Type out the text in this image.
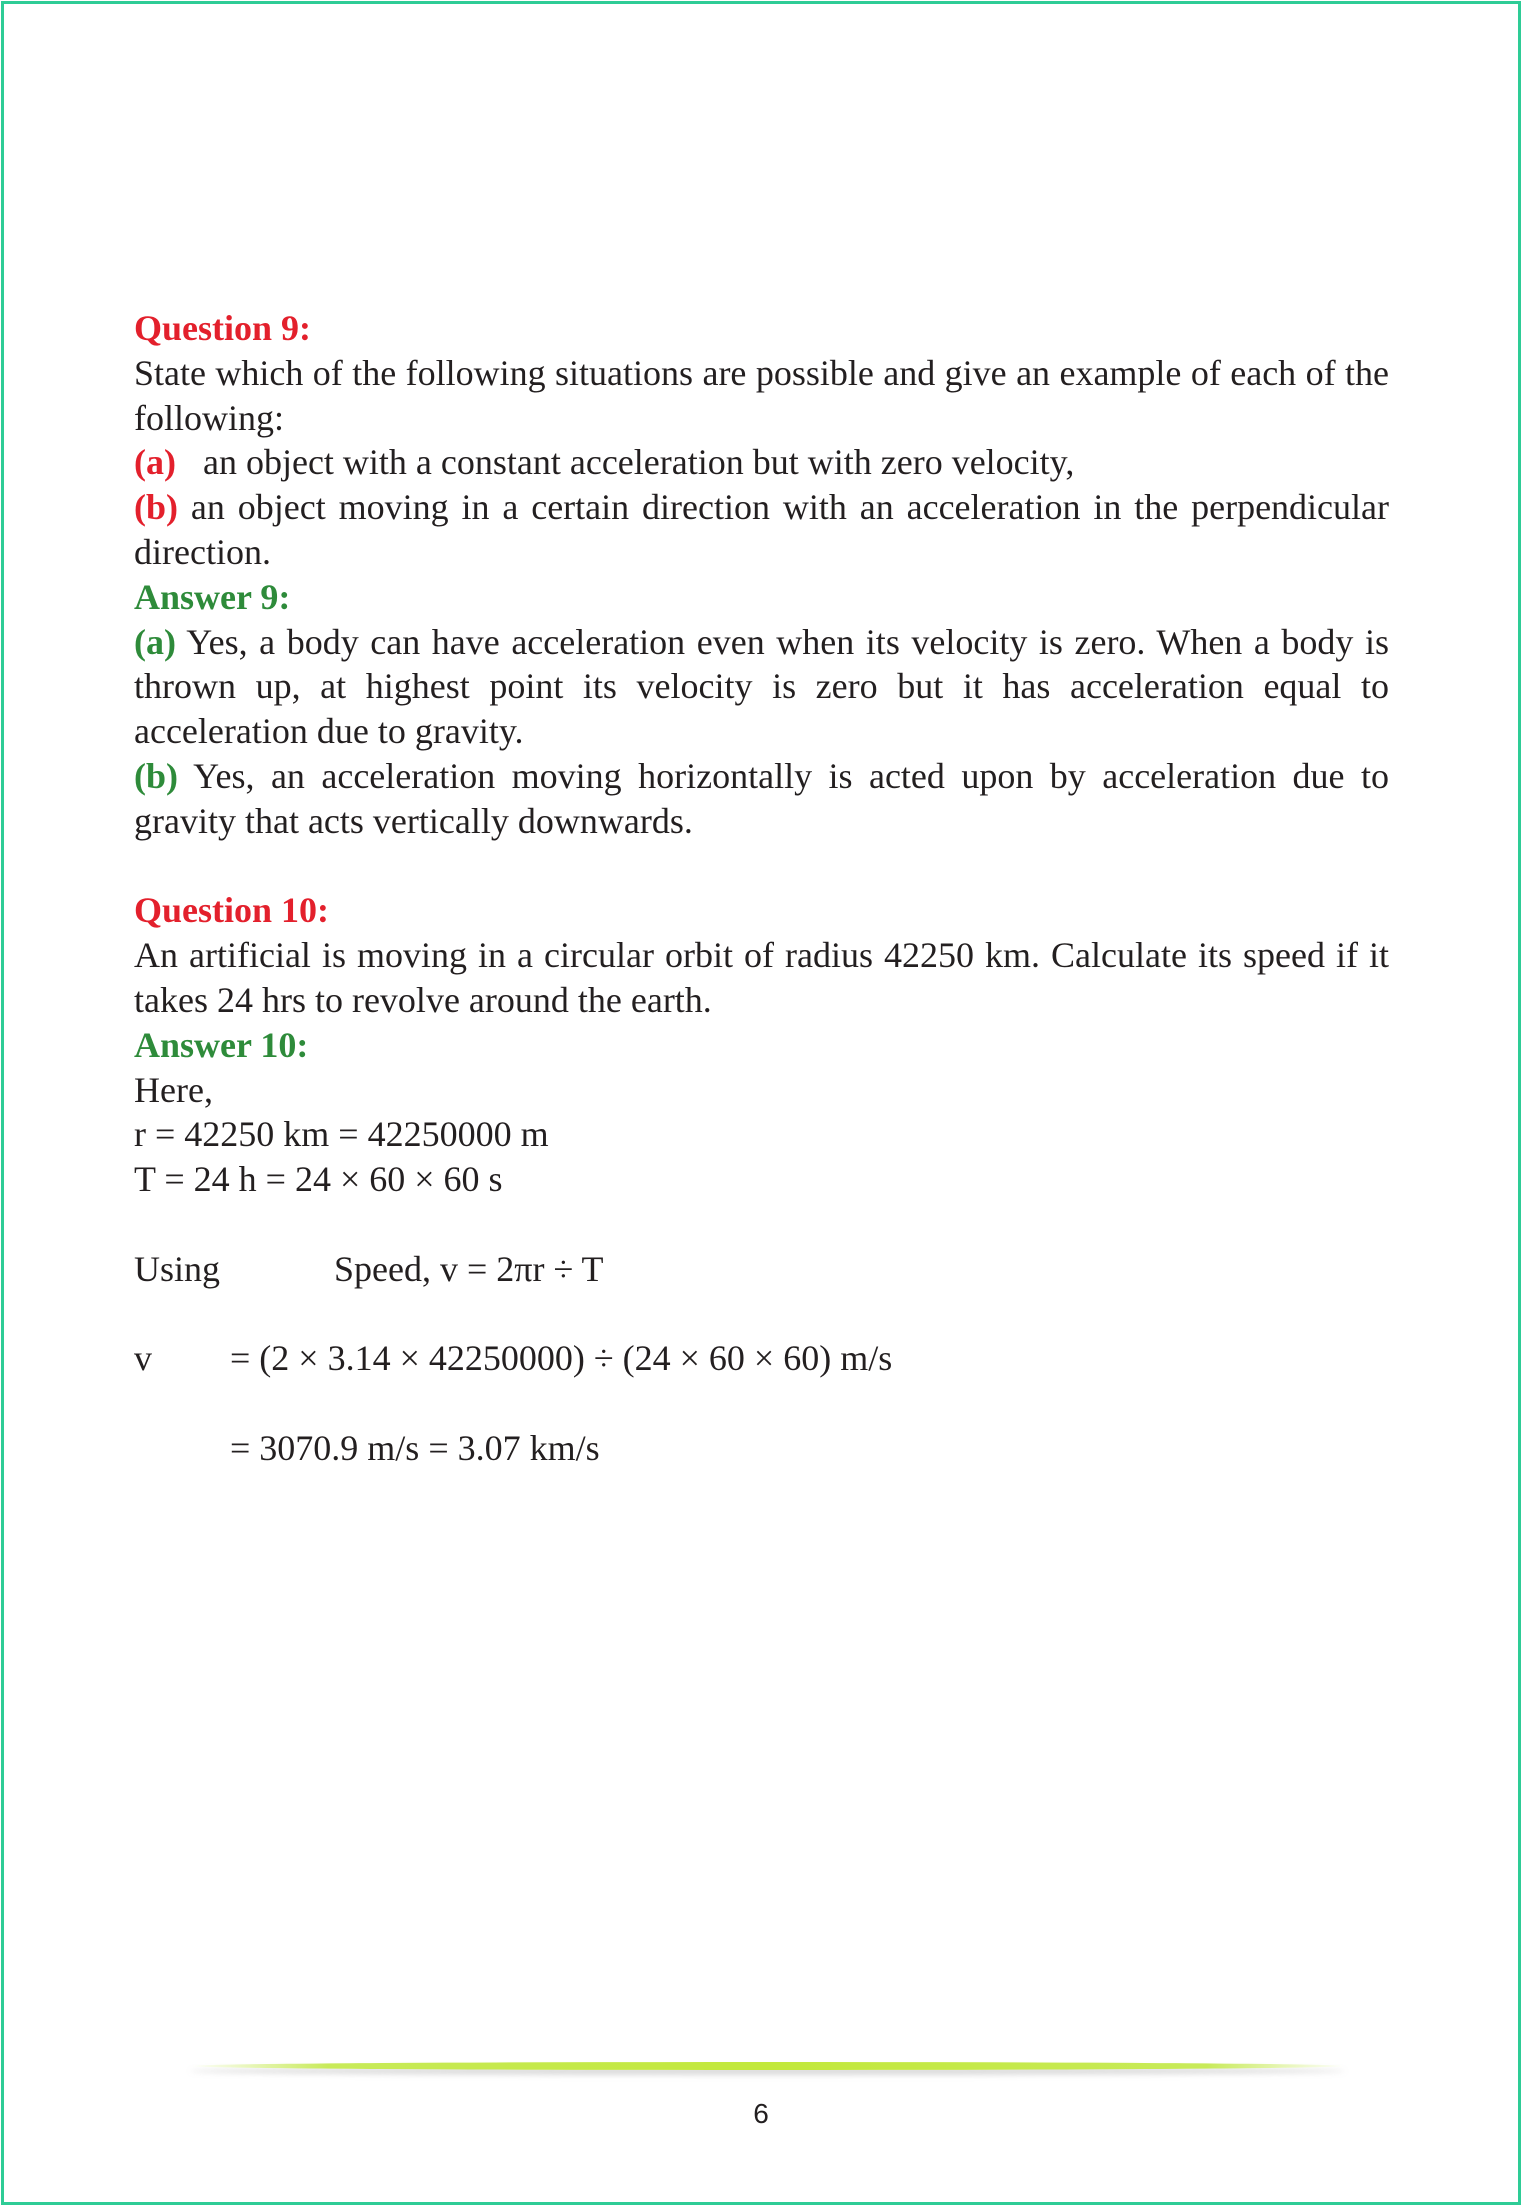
Question 9:

State which of the following situations are possible and give an example of each of the following:

(a) an object with a constant acceleration but with zero velocity,

(b) an object moving in a certain direction with an acceleration in the perpendicular direction.

Answer 9:

(a) Yes, a body can have acceleration even when its velocity is zero. When a body is thrown up, at highest point its velocity is zero but it has acceleration equal to acceleration due to gravity.

(b) Yes, an acceleration moving horizontally is acted upon by acceleration due to gravity that acts vertically downwards.

Question 10:

An artificial is moving in a circular orbit of radius 42250 km. Calculate its speed if it takes 24 hrs to revolve around the earth.

Answer 10:

Here,

r = 42250 km = 42250000 m

T = 24 h = 24 × 60 × 60 s

Using	Speed, v = 2πr ÷ T
v = (2 × 3.14 × 42250000) ÷ (24 × 60 × 60) m/s
= 3070.9 m/s = 3.07 km/s
6
